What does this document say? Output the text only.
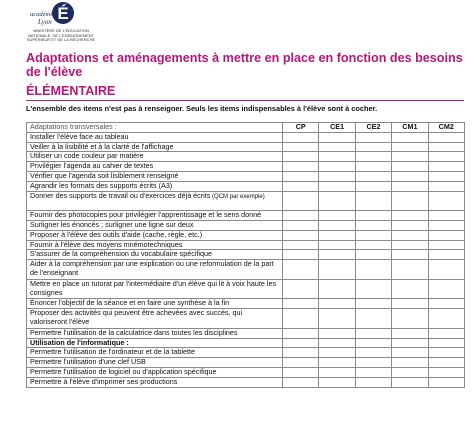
É
académie
Lyon
MINISTÈRE DE L'ÉDUCATION NATIONALE, DE L'ENSEIGNEMENT SUPÉRIEUR ET DE LA RECHERCHE
Adaptations et aménagements à mettre en place en fonction des besoins de l'élève
ÉLÉMENTAIRE
L'ensemble des items n'est pas à renseigner. Seuls les items indispensables à l'élève sont à cocher.
Adaptations transversales :	CP	CE1	CE2	CM1	CM2
Installer l'élève face au tableau					
Veiller à la lisibilité et à la clarté de l'affichage					
Utiliser un code couleur par matière					
Privilégier l'agenda au cahier de textes					
Vérifier que l'agenda soit lisiblement renseigné					
Agrandir les formats des supports écrits (A3)					
Donner des supports de travail ou d'exercices déjà écrits (QCM par exemple)					
Fournir des photocopies pour privilégier l'apprentissage et le sens donné					
Surligner les énoncés ; surligner une ligne sur deux					
Proposer à l'élève des outils d'aide (cache, règle, etc.)					
Fournir à l'élève des moyens mnémotechniques					
S'assurer de la compréhension du vocabulaire spécifique					
Aider à la compréhension par une explication ou une reformulation de la part de l'enseignant					
Mettre en place un tutorat par l'intermédiaire d'un élève qui lit à voix haute les consignes					
Énoncer l'objectif de la séance et en faire une synthèse à la fin					
Proposer des activités qui peuvent être achevées avec succès, qui valoriseront l'élève					
Permettre l'utilisation de la calculatrice dans toutes les disciplines					
Utilisation de l'informatique :					
Permettre l'utilisation de l'ordinateur et de la tablette					
Permettre l'utilisation d'une clef USB					
Permettre l'utilisation de logiciel ou d'application spécifique					
Permettre à l'élève d'imprimer ses productions					
